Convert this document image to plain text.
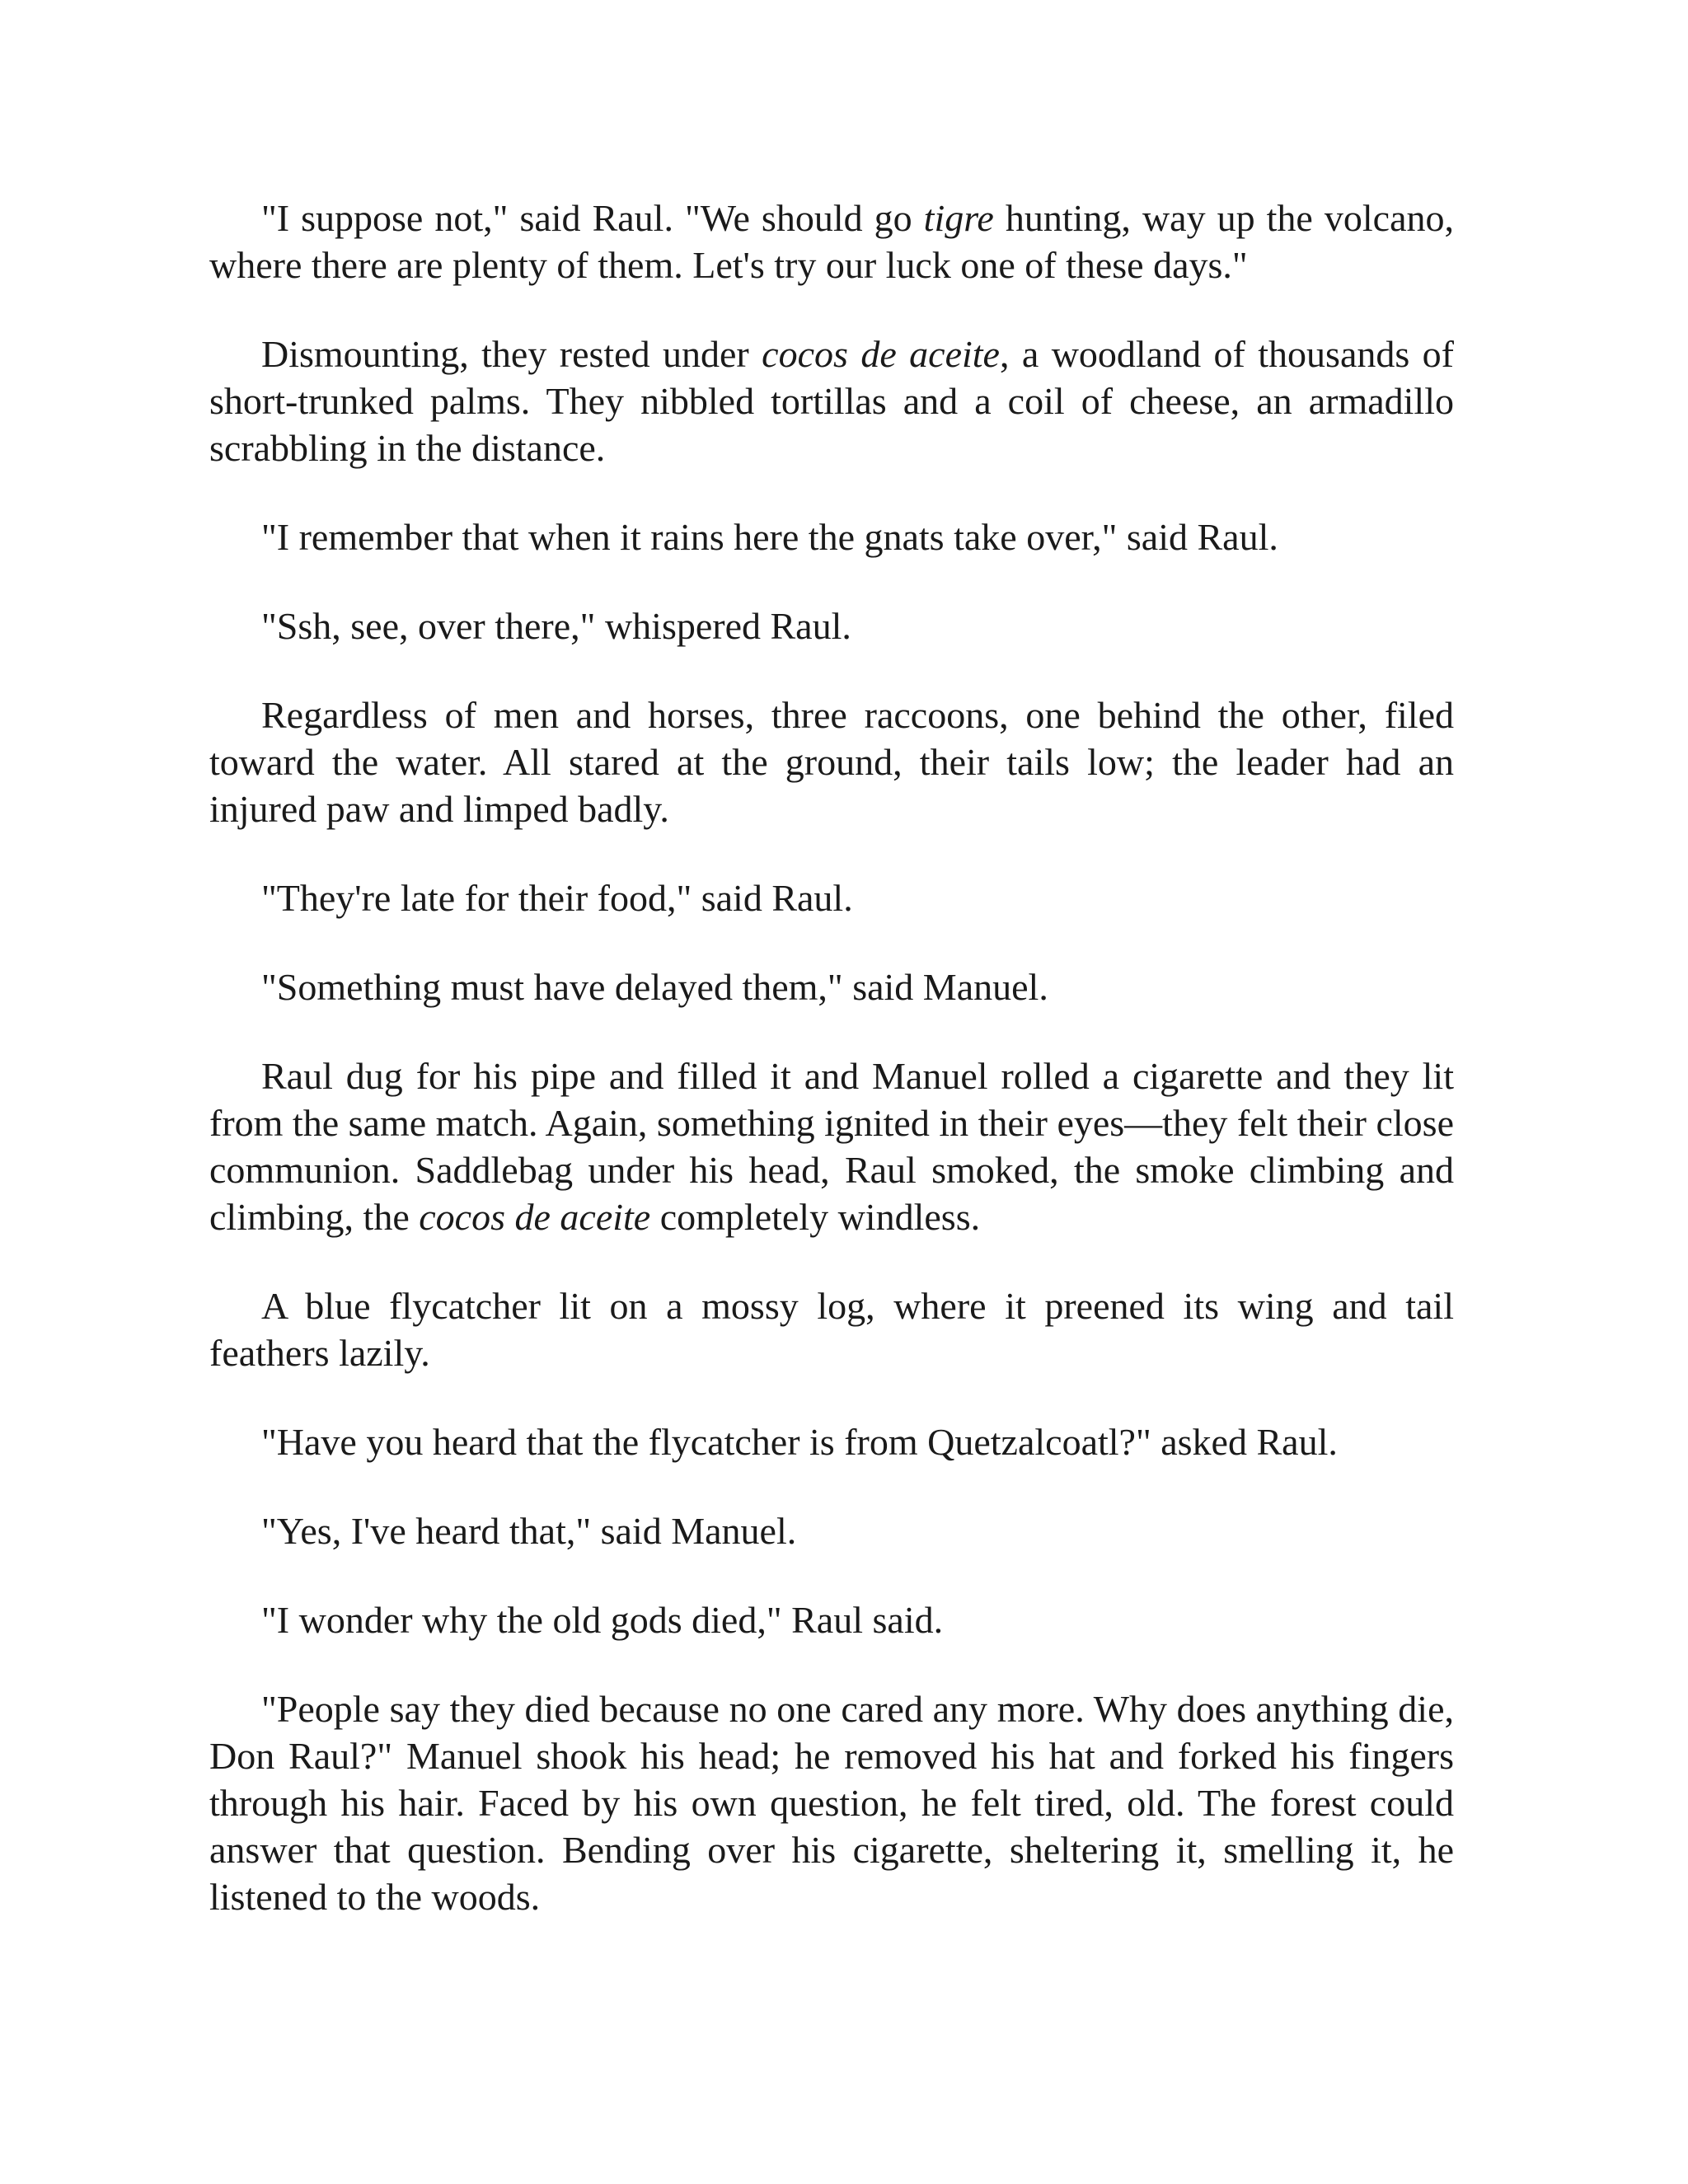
"I suppose not," said Raul. "We should go tigre hunting, way up the volcano, where there are plenty of them. Let's try our luck one of these days."

Dismounting, they rested under cocos de aceite, a woodland of thousands of short-trunked palms. They nibbled tortillas and a coil of cheese, an armadillo scrabbling in the distance.

"I remember that when it rains here the gnats take over," said Raul.

"Ssh, see, over there," whispered Raul.

Regardless of men and horses, three raccoons, one behind the other, filed toward the water. All stared at the ground, their tails low; the leader had an injured paw and limped badly.

"They're late for their food," said Raul.

"Something must have delayed them," said Manuel.

Raul dug for his pipe and filled it and Manuel rolled a cigarette and they lit from the same match. Again, something ignited in their eyes—they felt their close communion. Saddlebag under his head, Raul smoked, the smoke climbing and climbing, the cocos de aceite completely windless.

A blue flycatcher lit on a mossy log, where it preened its wing and tail feathers lazily.

"Have you heard that the flycatcher is from Quetzalcoatl?" asked Raul.

"Yes, I've heard that," said Manuel.

"I wonder why the old gods died," Raul said.

"People say they died because no one cared any more. Why does anything die, Don Raul?" Manuel shook his head; he removed his hat and forked his fingers through his hair. Faced by his own question, he felt tired, old. The forest could answer that question. Bending over his cigarette, sheltering it, smelling it, he listened to the woods.
